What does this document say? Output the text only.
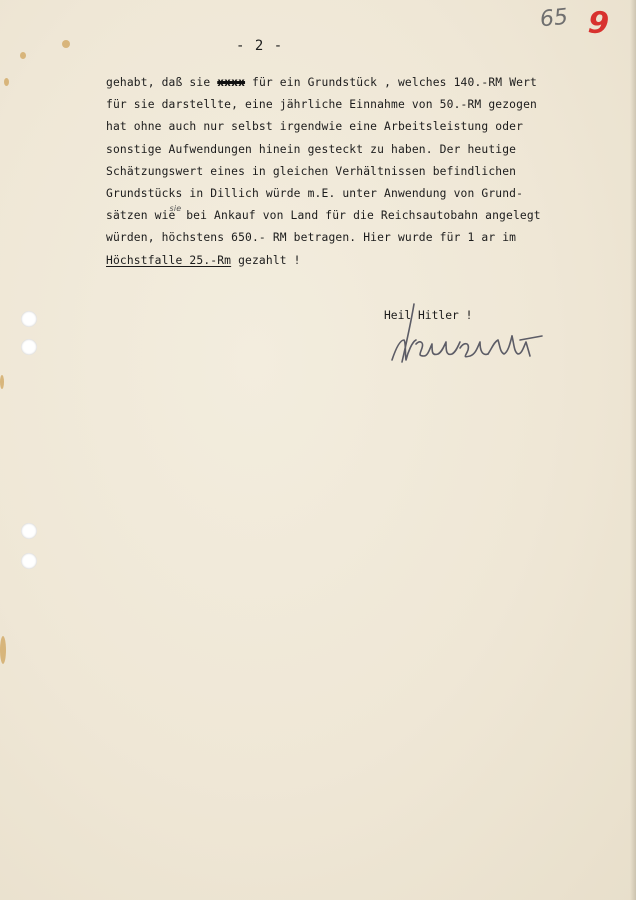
65 9
- 2 -
gehabt, daß sie xxxx für ein Grundstück , welches 140.-RM Wert
für sie darstellte, eine jährliche Einnahme von 50.-RM gezogen
hat ohne auch nur selbst irgendwie eine Arbeitsleistung oder
sonstige Aufwendungen hinein gesteckt zu haben. Der heutige
Schätzungswert eines in gleichen Verhältnissen befindlichen
Grundstücks in Dillich würde m.E. unter Anwendung von Grund-
sätzen wie$^{sie}$ bei Ankauf von Land für die Reichsautobahn angelegt
würden, höchstens 650.- RM betragen. Hier wurde für 1 ar im
Höchstfalle 25.-Rm gezahlt !
Heil Hitler !
